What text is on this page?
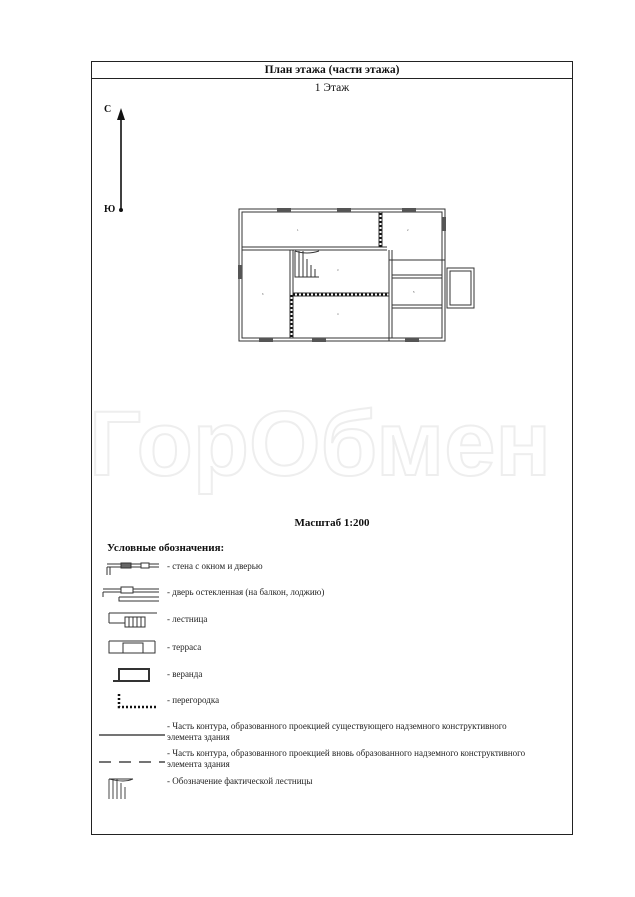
ГорОбмен
С
Ю
План этажа (части этажа)
1 Этаж
1	2
3
4
5
6
Масштаб 1:200
Условные обозначения:
- стена с окном и дверью
- дверь остекленная (на балкон, лоджию)
- лестница
- терраса
- веранда
- перегородка
- Часть контура, образованного проекцией существующего надземного конструктивного элемента здания
- Часть контура, образованного проекцией вновь образованного надземного конструктивного элемента здания
- Обозначение фактической лестницы
